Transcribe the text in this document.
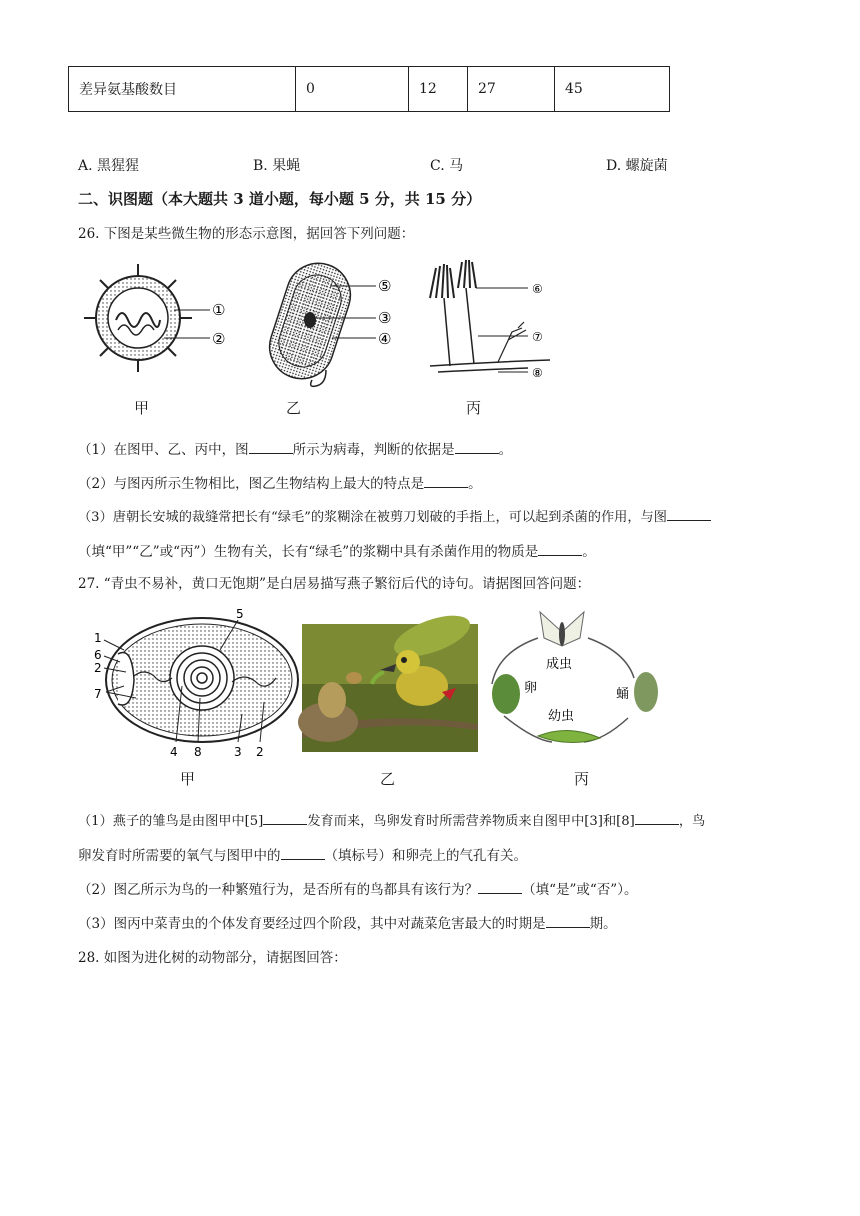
差异氨基酸数目	0	12	27	45
A. 黑猩猩	B. 果蝇	C. 马	D. 螺旋菌
二、识图题（本大题共 3 道小题，每小题 5 分，共 15 分）
26. 下图是某些微生物的形态示意图，据回答下列问题：
①
②
⑤
③
④
⑥
⑦
⑧
甲	乙	丙
（1）在图甲、乙、丙中，图	所示为病毒，判断的依据是	。
（2）与图丙所示生物相比，图乙生物结构上最大的特点是	。
（3）唐朝长安城的裁缝常把长有“绿毛”的浆糊涂在被剪刀划破的手指上，可以起到杀菌的作用，与图
（填“甲”“乙”或“丙”）生物有关，长有“绿毛”的浆糊中具有杀菌作用的物质是	。
27. “青虫不易补，黄口无饱期”是白居易描写燕子繁衍后代的诗句。请据图回答问题：
1
6
2
7
5
4 8	3 2
成虫
卵	蛹
幼虫
甲	乙	丙
（1）燕子的雏鸟是由图甲中[5]	发育而来，鸟卵发育时所需营养物质来自图甲中[3]和[8]	，鸟
卵发育时所需要的氧气与图甲中的	（填标号）和卵壳上的气孔有关。
（2）图乙所示为鸟的一种繁殖行为，是否所有的鸟都具有该行为？	（填“是”或“否”）。
（3）图丙中菜青虫的个体发育要经过四个阶段，其中对蔬菜危害最大的时期是	期。
28. 如图为进化树的动物部分，请据图回答：
